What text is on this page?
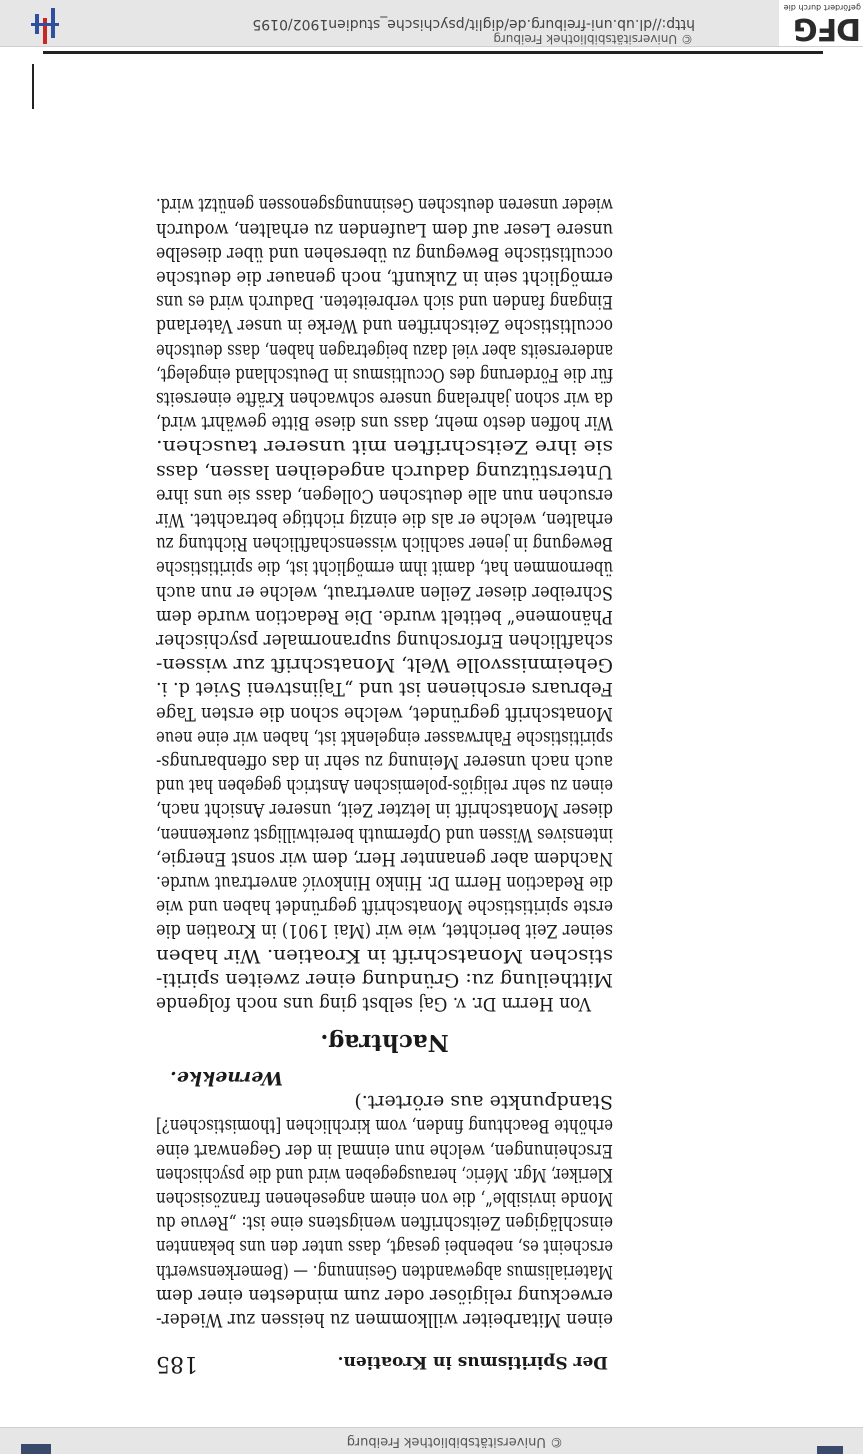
© Universitätsbibliothek Freiburg
Der Spiritismus in Kroatien.
185
einen Mitarbeiter willkommen zu heissen zur Wieder-
erweckung religiöser oder zum mindesten einer dem
Materialismus abgewandten Gesinnung. — (Bemerkenswerth
erscheint es, nebenbei gesagt, dass unter den uns bekannten
einschlägigen Zeitschriften wenigstens eine ist: „Revue du
Monde invisible“, die von einem angesehenen französischen
Kleriker, Mgr. Méric, herausgegeben wird und die psychischen
Erscheinungen, welche nun einmal in der Gegenwart eine
erhöhte Beachtung finden, vom kirchlichen [thomistischen?]
Standpunkte aus erörtert.)
Wernekke.
Nachtrag.
Von Herrn Dr. v. Gaj selbst ging uns noch folgende
Mittheilung zu: Gründung einer zweiten spiriti-
stischen Monatschrift in Kroatien. Wir haben
seiner Zeit berichtet, wie wir (Mai 1901) in Kroatien die
erste spiritistische Monatschrift gegründet haben und wie
die Redaction Herrn Dr. Hinko Hinković anvertraut wurde.
Nachdem aber genannter Herr, dem wir sonst Energie,
intensives Wissen und Opfermuth bereitwilligst zuerkennen,
dieser Monatschrift in letzter Zeit, unserer Ansicht nach,
einen zu sehr religiös-polemischen Anstrich gegeben hat und
auch nach unserer Meinung zu sehr in das offenbarungs-
spiritistische Fahrwasser eingelenkt ist, haben wir eine neue
Monatschrift gegründet, welche schon die ersten Tage
Februars erschienen ist und „Tajinstveni Sviet d. i.
Geheimnissvolle Welt, Monatschrift zur wissen-
schaftlichen Erforschung supranormaler psychischer
Phänomene“ betitelt wurde. Die Redaction wurde dem
Schreiber dieser Zeilen anvertraut, welche er nun auch
übernommen hat, damit ihm ermöglicht ist, die spiritistische
Bewegung in jener sachlich wissenschaftlichen Richtung zu
erhalten, welche er als die einzig richtige betrachtet. Wir
ersuchen nun alle deutschen Collegen, dass sie uns ihre
Unterstützung dadurch angedeihen lassen, dass
sie ihre Zeitschriften mit unserer tauschen.
Wir hoffen desto mehr, dass uns diese Bitte gewährt wird,
da wir schon jahrelang unsere schwachen Kräfte einerseits
für die Förderung des Occultismus in Deutschland eingelegt,
andererseits aber viel dazu beigetragen haben, dass deutsche
occultistische Zeitschriften und Werke in unser Vaterland
Eingang fanden und sich verbreiteten. Dadurch wird es uns
ermöglicht sein in Zukunft, noch genauer die deutsche
occultistische Bewegung zu übersehen und über dieselbe
unsere Leser auf dem Laufenden zu erhalten, wodurch
wieder unseren deutschen Gesinnungsgenossen genützt wird.
© Universitätsbibliothek Freiburg
http://dl.ub.uni-freiburg.de/diglit/psychische_studien1902/0195	DFG
gefördert durch die
